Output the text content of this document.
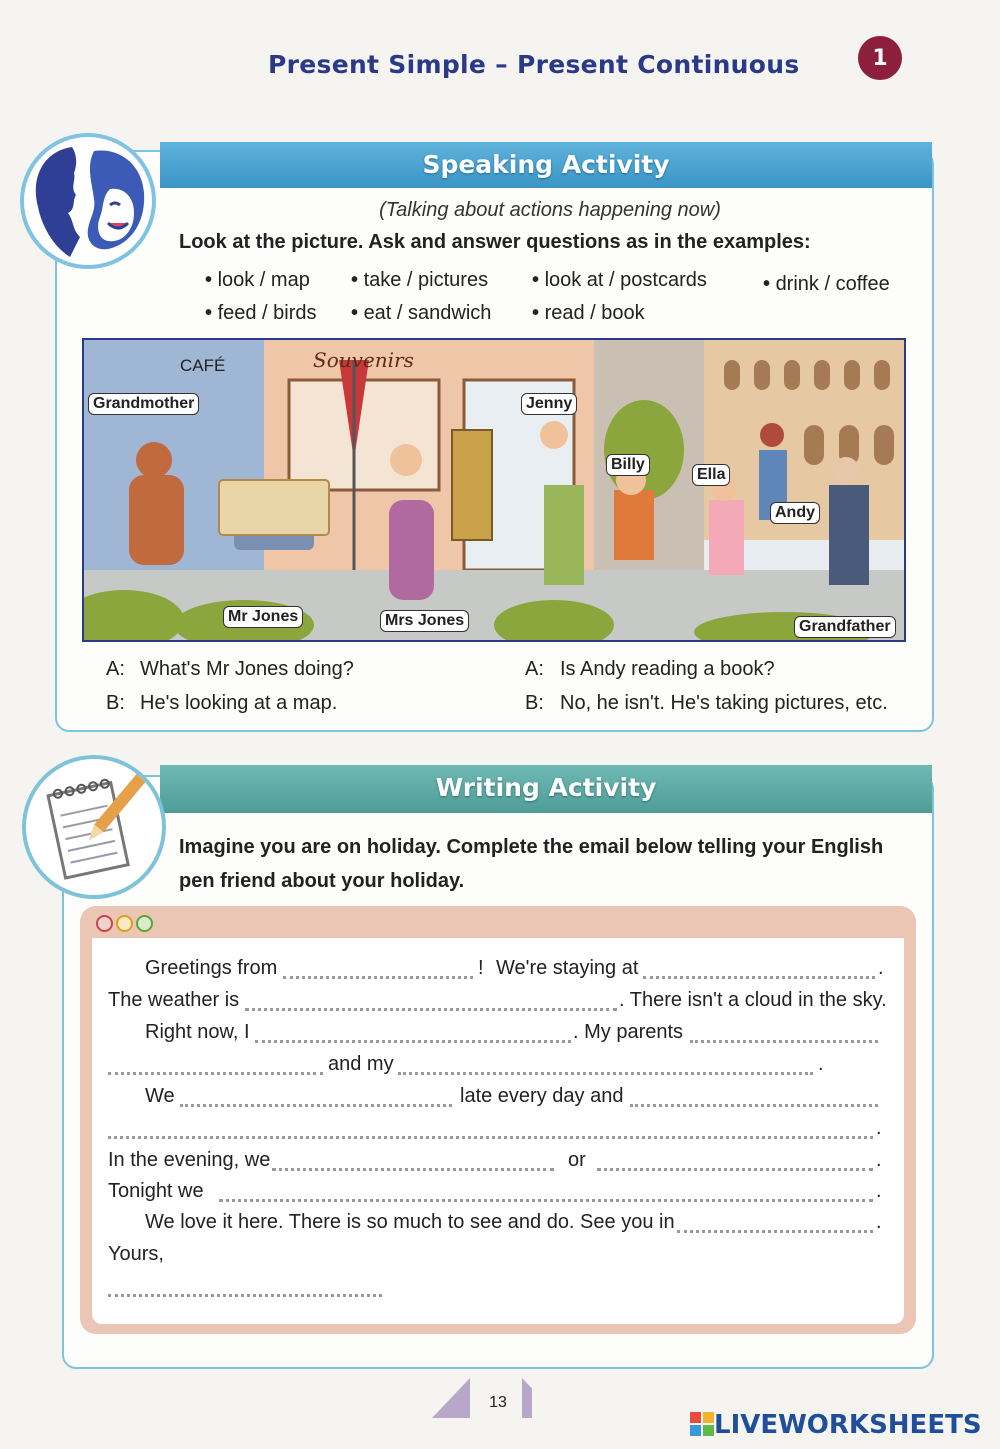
Present Simple – Present Continuous	1
Speaking Activity
(Talking about actions happening now)
Look at the picture. Ask and answer questions as in the examples:
• look / map	• take / pictures	• look at / postcards	• drink / coffee
• feed / birds	• eat / sandwich	• read / book
CAFÉ	Souvenirs
Grandmother
Mr Jones	Mrs Jones
Jenny
Billy
Ella
Andy
Grandfather
A: What's Mr Jones doing?
B: He's looking at a map.
A: Is Andy reading a book?
B: No, he isn't. He's taking pictures, etc.
Writing Activity
Imagine you are on holiday. Complete the email below telling your English pen friend about your holiday.
Greetings from	! We're staying at	.
The weather is	. There isn't a cloud in the sky.
Right now, I	. My parents
and my	.
We	late every day and
.
In the evening, we	or	.
Tonight we	.
We love it here. There is so much to see and do. See you in	.
Yours,
13
LIVEWORKSHEETS
